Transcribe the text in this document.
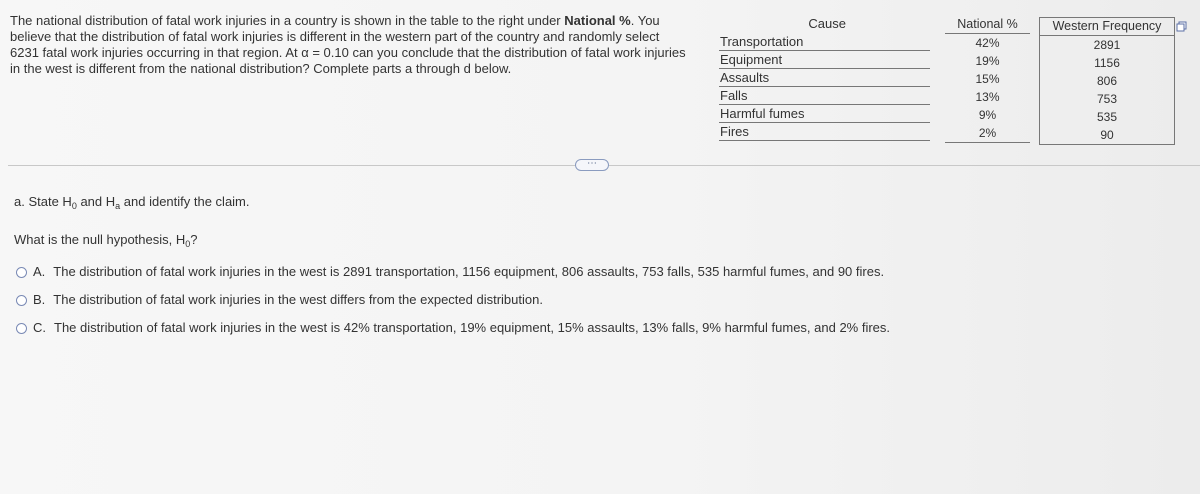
The national distribution of fatal work injuries in a country is shown in the table to the right under National %. You
believe that the distribution of fatal work injuries is different in the western part of the country and randomly select
6231 fatal work injuries occurring in that region. At α = 0.10 can you conclude that the distribution of fatal work injuries
in the west is different from the national distribution? Complete parts a through d below.
Cause
Transportation
Equipment
Assaults
Falls
Harmful fumes
Fires
National %
42%
19%
15%
13%
9%
2%
Western Frequency
2891
1156
806
753
535
90
⋯
a. State $H_0$ and $H_a$ and identify the claim.
What is the null hypothesis, $H_0$?
A. The distribution of fatal work injuries in the west is 2891 transportation, 1156 equipment, 806 assaults, 753 falls, 535 harmful fumes, and 90 fires.
B. The distribution of fatal work injuries in the west differs from the expected distribution.
C. The distribution of fatal work injuries in the west is 42% transportation, 19% equipment, 15% assaults, 13% falls, 9% harmful fumes, and 2% fires.
